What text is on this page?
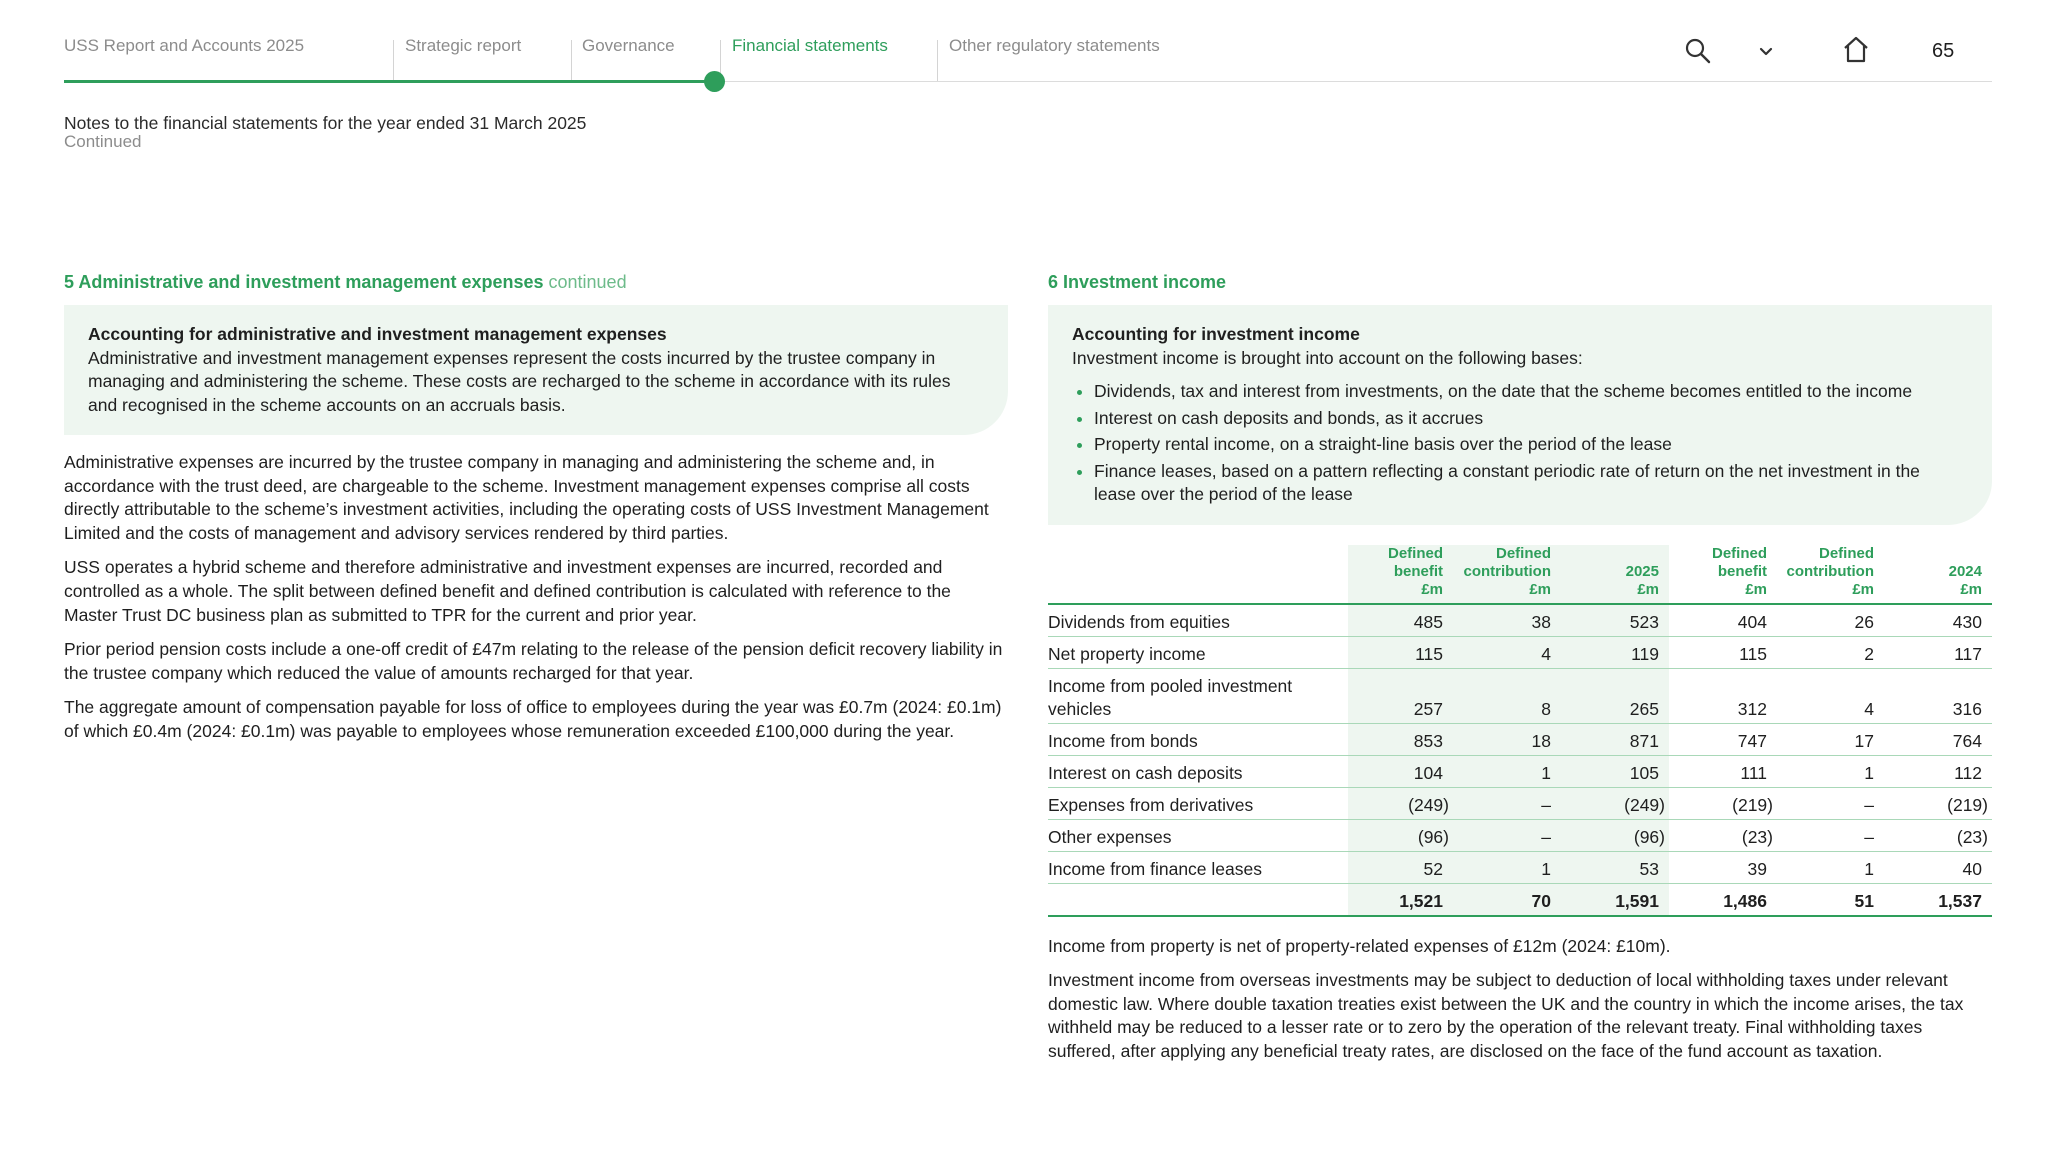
USS Report and Accounts 2025	Strategic report	Governance	Financial statements	Other regulatory statements	65
Notes to the financial statements for the year ended 31 March 2025
Continued
5 Administrative and investment management expenses continued
Accounting for administrative and investment management expenses
Administrative and investment management expenses represent the costs incurred by the trustee company in managing and administering the scheme. These costs are recharged to the scheme in accordance with its rules and recognised in the scheme accounts on an accruals basis.

Administrative expenses are incurred by the trustee company in managing and administering the scheme and, in accordance with the trust deed, are chargeable to the scheme. Investment management expenses comprise all costs directly attributable to the scheme’s investment activities, including the operating costs of USS Investment Management Limited and the costs of management and advisory services rendered by third parties.

USS operates a hybrid scheme and therefore administrative and investment expenses are incurred, recorded and controlled as a whole. The split between defined benefit and defined contribution is calculated with reference to the Master Trust DC business plan as submitted to TPR for the current and prior year.

Prior period pension costs include a one-off credit of £47m relating to the release of the pension deficit recovery liability in the trustee company which reduced the value of amounts recharged for that year.

The aggregate amount of compensation payable for loss of office to employees during the year was £0.7m (2024: £0.1m) of which £0.4m (2024: £0.1m) was payable to employees whose remuneration exceeded £100,000 during the year.

6 Investment income
Accounting for investment income
Investment income is brought into account on the following bases:
• Dividends, tax and interest from investments, on the date that the scheme becomes entitled to the income
• Interest on cash deposits and bonds, as it accrues
• Property rental income, on a straight-line basis over the period of the lease
• Finance leases, based on a pattern reflecting a constant periodic rate of return on the net investment in the lease over the period of the lease
	Defined
benefit
£m	Defined
contribution
£m	2025
£m	Defined
benefit
£m	Defined
contribution
£m	2024
£m
Dividends from equities	485	38	523	404	26	430
Net property income	115	4	119	115	2	117
Income from pooled investment vehicles	257	8	265	312	4	316
Income from bonds	853	18	871	747	17	764
Interest on cash deposits	104	1	105	111	1	112
Expenses from derivatives	(249)	–	(249)	(219)	–	(219)
Other expenses	(96)	–	(96)	(23)	–	(23)
Income from finance leases	52	1	53	39	1	40
	1,521	70	1,591	1,486	51	1,537

Income from property is net of property-related expenses of £12m (2024: £10m).

Investment income from overseas investments may be subject to deduction of local withholding taxes under relevant domestic law. Where double taxation treaties exist between the UK and the country in which the income arises, the tax withheld may be reduced to a lesser rate or to zero by the operation of the relevant treaty. Final withholding taxes suffered, after applying any beneficial treaty rates, are disclosed on the face of the fund account as taxation.
